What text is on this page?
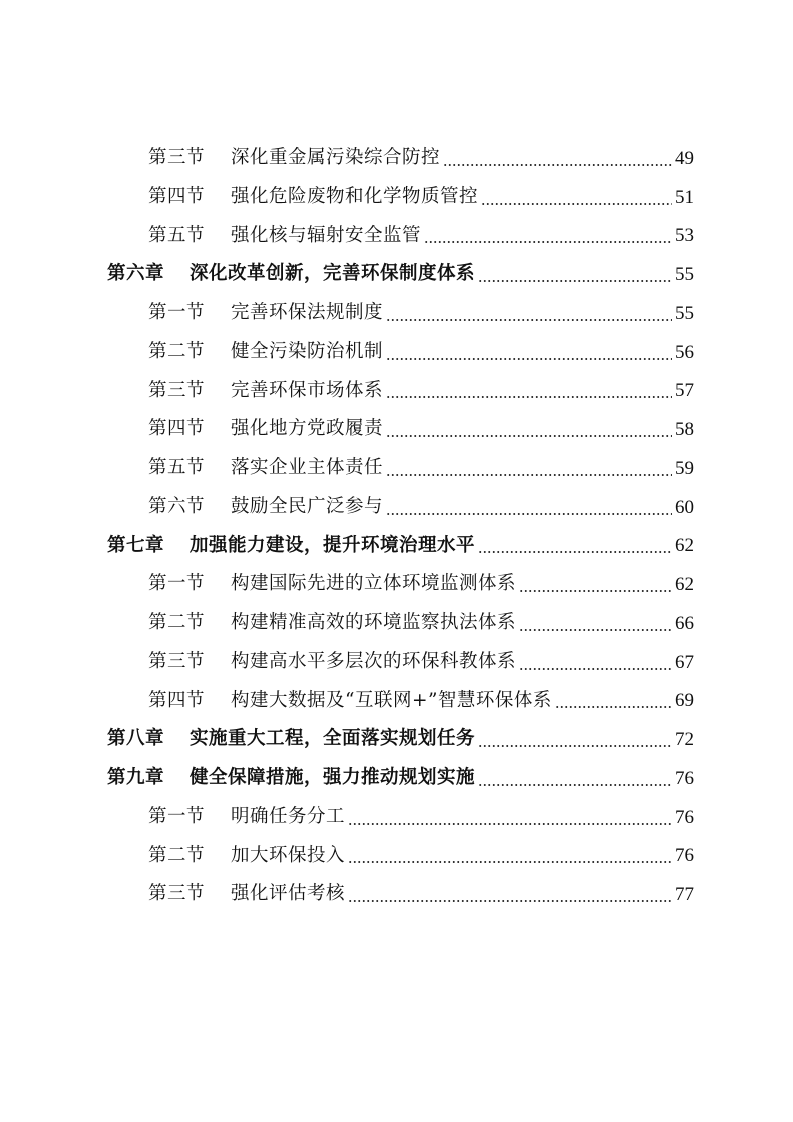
第三节 深化重金属污染综合防控	49
第四节 强化危险废物和化学物质管控	51
第五节 强化核与辐射安全监管	53
第六章 深化改革创新，完善环保制度体系	55
第一节 完善环保法规制度	55
第二节 健全污染防治机制	56
第三节 完善环保市场体系	57
第四节 强化地方党政履责	58
第五节 落实企业主体责任	59
第六节 鼓励全民广泛参与	60
第七章 加强能力建设，提升环境治理水平	62
第一节 构建国际先进的立体环境监测体系	62
第二节 构建精准高效的环境监察执法体系	66
第三节 构建高水平多层次的环保科教体系	67
第四节 构建大数据及“互联网+”智慧环保体系	69
第八章 实施重大工程，全面落实规划任务	72
第九章 健全保障措施，强力推动规划实施	76
第一节 明确任务分工	76
第二节 加大环保投入	76
第三节 强化评估考核	77
